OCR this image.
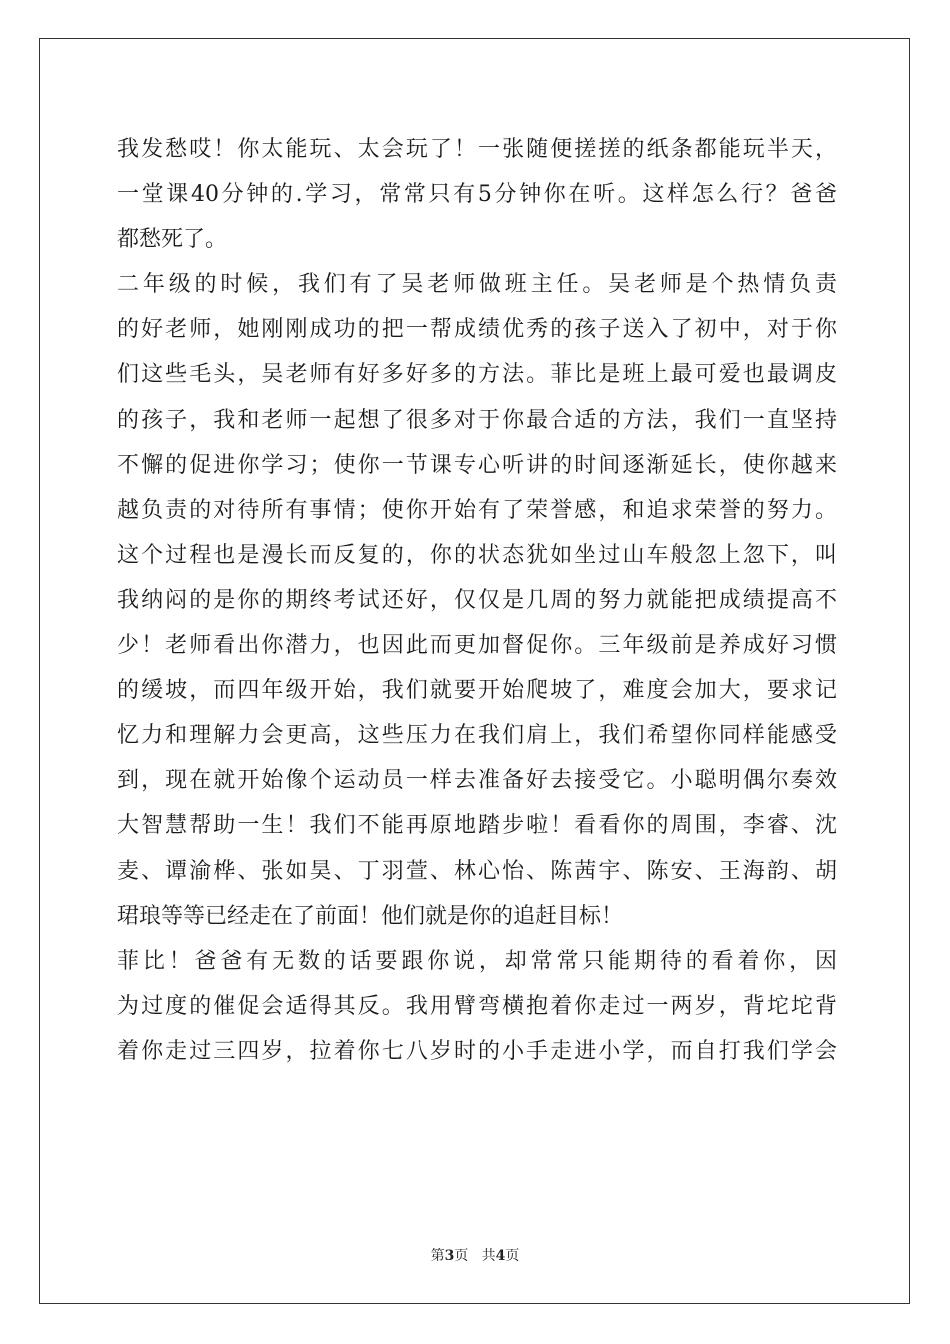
我发愁哎！你太能玩、太会玩了！一张随便搓搓的纸条都能玩半天，
一堂课40分钟的.学习，常常只有5分钟你在听。这样怎么行？爸爸
都愁死了。
二年级的时候，我们有了吴老师做班主任。吴老师是个热情负责
的好老师，她刚刚成功的把一帮成绩优秀的孩子送入了初中，对于你
们这些毛头，吴老师有好多好多的方法。菲比是班上最可爱也最调皮
的孩子，我和老师一起想了很多对于你最合适的方法，我们一直坚持
不懈的促进你学习；使你一节课专心听讲的时间逐渐延长，使你越来
越负责的对待所有事情；使你开始有了荣誉感，和追求荣誉的努力。
这个过程也是漫长而反复的，你的状态犹如坐过山车般忽上忽下，叫
我纳闷的是你的期终考试还好，仅仅是几周的努力就能把成绩提高不
少！老师看出你潜力，也因此而更加督促你。三年级前是养成好习惯
的缓坡，而四年级开始，我们就要开始爬坡了，难度会加大，要求记
忆力和理解力会更高，这些压力在我们肩上，我们希望你同样能感受
到，现在就开始像个运动员一样去准备好去接受它。小聪明偶尔奏效
大智慧帮助一生！我们不能再原地踏步啦！看看你的周围，李睿、沈
麦、谭渝桦、张如昊、丁羽萱、林心怡、陈茜宇、陈安、王海韵、胡
珺琅等等已经走在了前面！他们就是你的追赶目标！
菲比！爸爸有无数的话要跟你说，却常常只能期待的看着你，因
为过度的催促会适得其反。我用臂弯横抱着你走过一两岁，背坨坨背
着你走过三四岁，拉着你七八岁时的小手走进小学，而自打我们学会
第3页 共4页
